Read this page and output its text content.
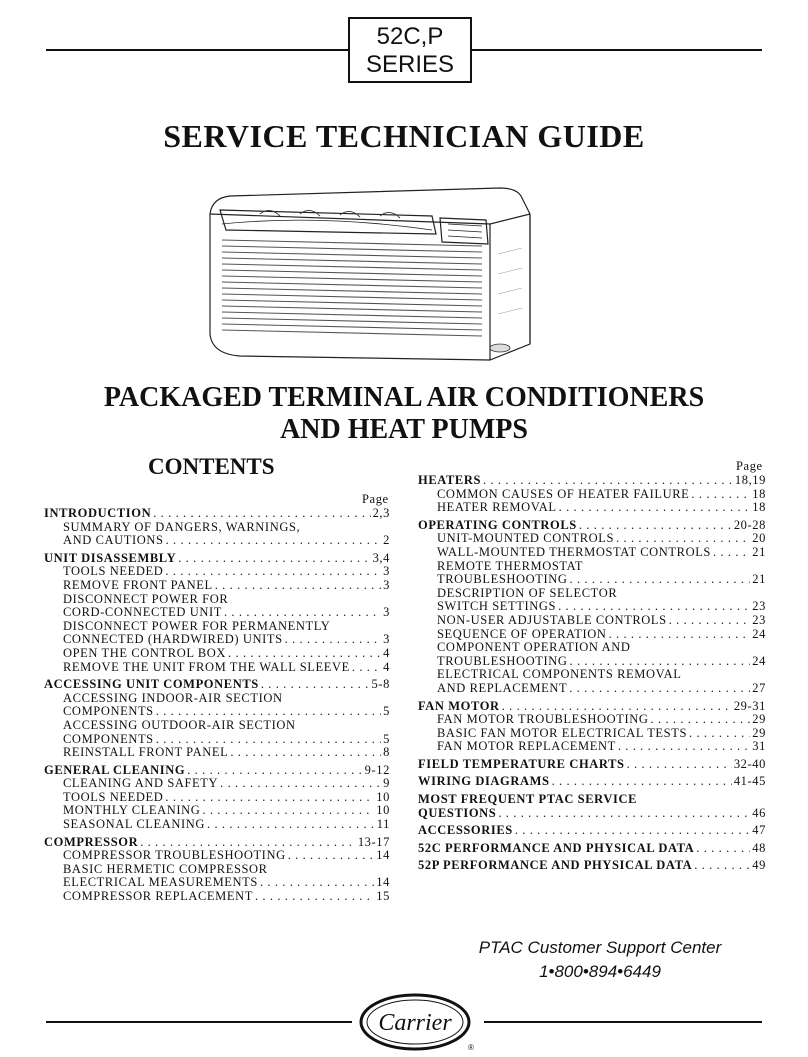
52C,P
SERIES
SERVICE TECHNICIAN GUIDE
PACKAGED TERMINAL AIR CONDITIONERS
AND HEAT PUMPS
CONTENTS
Page
Page
INTRODUCTION . . .	2,3
SUMMARY OF DANGERS, WARNINGS,
AND CAUTIONS . . .	2
UNIT DISASSEMBLY . . .	3,4
TOOLS NEEDED . . .	3
REMOVE FRONT PANEL . . .	3
DISCONNECT POWER FOR
CORD-CONNECTED UNIT . . .	3
DISCONNECT POWER FOR PERMANENTLY
CONNECTED (HARDWIRED) UNITS . . .	3
OPEN THE CONTROL BOX . . .	4
REMOVE THE UNIT FROM THE WALL SLEEVE . . .	4
ACCESSING UNIT COMPONENTS . . .	5-8
ACCESSING INDOOR-AIR SECTION
COMPONENTS . . .	5
ACCESSING OUTDOOR-AIR SECTION
COMPONENTS . . .	5
REINSTALL FRONT PANEL . . .	8
GENERAL CLEANING . . .	9-12
CLEANING AND SAFETY . . .	9
TOOLS NEEDED . . .	10
MONTHLY CLEANING . . .	10
SEASONAL CLEANING . . .	11
COMPRESSOR . . .	13-17
COMPRESSOR TROUBLESHOOTING . . .	14
BASIC HERMETIC COMPRESSOR
ELECTRICAL MEASUREMENTS . . .	14
COMPRESSOR REPLACEMENT . . .	15
HEATERS . . .	18,19
COMMON CAUSES OF HEATER FAILURE . . .	18
HEATER REMOVAL . . .	18
OPERATING CONTROLS . . .	20-28
UNIT-MOUNTED CONTROLS . . .	20
WALL-MOUNTED THERMOSTAT CONTROLS . . .	21
REMOTE THERMOSTAT
TROUBLESHOOTING . . .	21
DESCRIPTION OF SELECTOR
SWITCH SETTINGS . . .	23
NON-USER ADJUSTABLE CONTROLS . . .	23
SEQUENCE OF OPERATION . . .	24
COMPONENT OPERATION AND
TROUBLESHOOTING . . .	24
ELECTRICAL COMPONENTS REMOVAL
AND REPLACEMENT . . .	27
FAN MOTOR . . .	29-31
FAN MOTOR TROUBLESHOOTING . . .	29
BASIC FAN MOTOR ELECTRICAL TESTS . . .	29
FAN MOTOR REPLACEMENT . . .	31
FIELD TEMPERATURE CHARTS . . .	32-40
WIRING DIAGRAMS . . .	41-45
MOST FREQUENT PTAC SERVICE
QUESTIONS . . .	46
ACCESSORIES . . .	47
52C PERFORMANCE AND PHYSICAL DATA . . .	48
52P PERFORMANCE AND PHYSICAL DATA . . .	49
PTAC Customer Support Center
1•800•894•6449
Carrier
®
